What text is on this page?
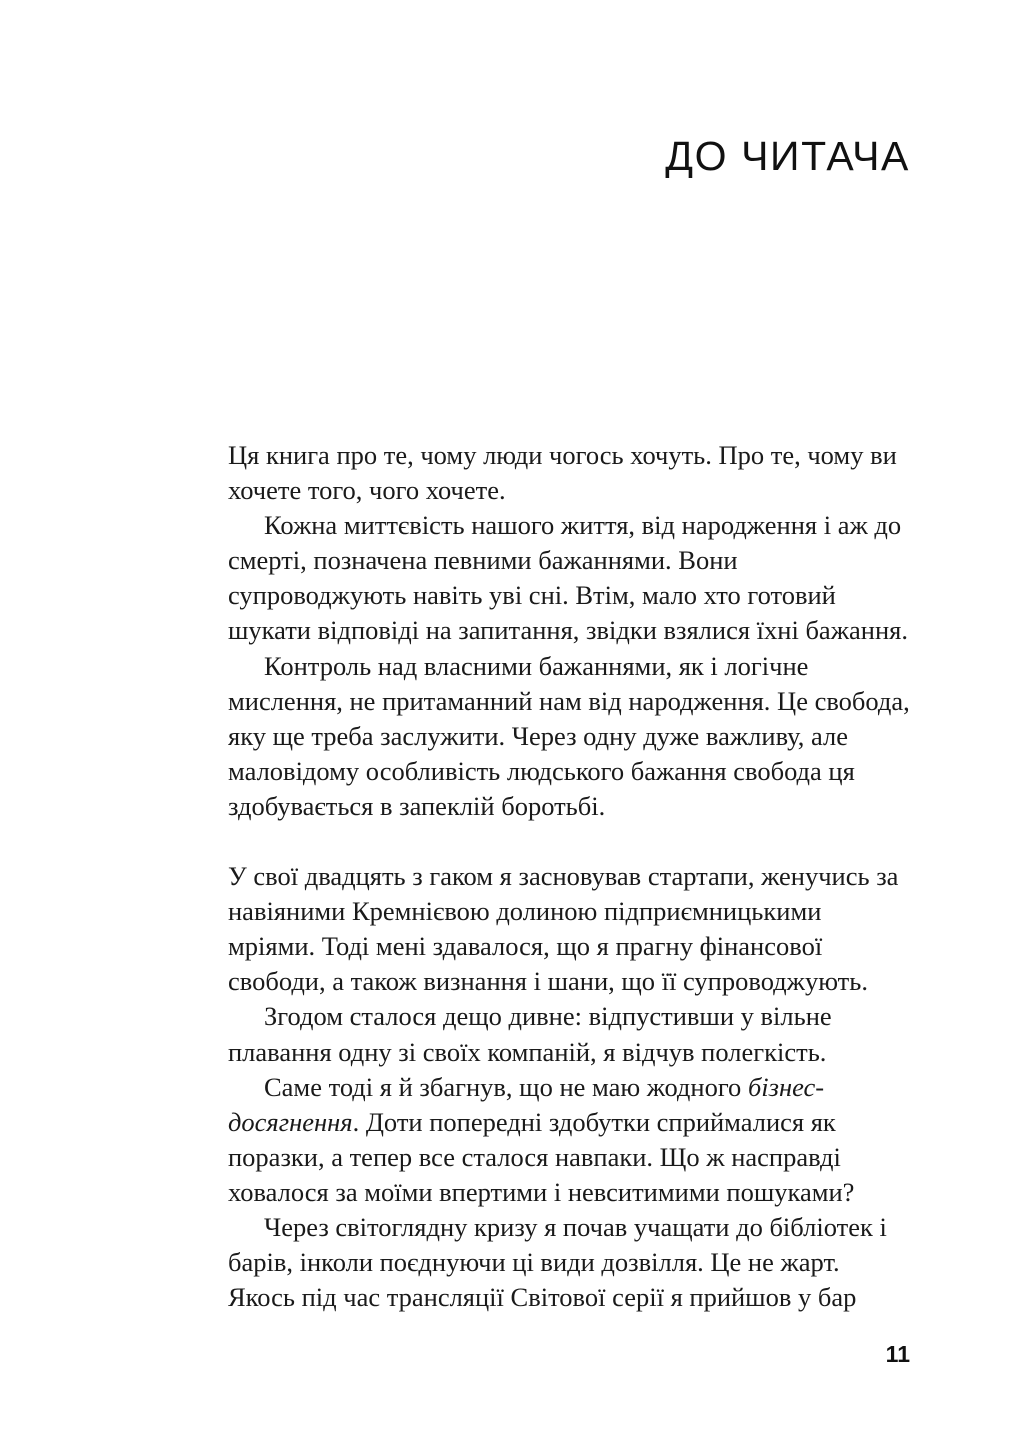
ДО ЧИТАЧА

Ця книга про те, чому люди чогось хочуть. Про те, чому ви хочете того, чого хочете.

Кожна миттєвість нашого життя, від народження і аж до смерті, позначена певними бажаннями. Вони супроводжують навіть уві сні. Втім, мало хто готовий шукати відповіді на запитання, звідки взялися їхні бажання.

Контроль над власними бажаннями, як і логічне мислення, не притаманний нам від народження. Це свобода, яку ще треба заслужити. Через одну дуже важливу, але маловідому особливість людського бажання свобода ця здобувається в запеклій боротьбі.

У свої двадцять з гаком я засновував стартапи, женучись за навіяними Кремнієвою долиною підприємницькими мріями. Тоді мені здавалося, що я прагну фінансової свободи, а також визнання і шани, що її супроводжують.

Згодом сталося дещо дивне: відпустивши у вільне плавання одну зі своїх компаній, я відчув полегкість.

Саме тоді я й збагнув, що не маю жодного бізнес-досягнення. Доти попередні здобутки сприймалися як поразки, а тепер все сталося навпаки. Що ж насправді ховалося за моїми впертими і невситимими пошуками?

Через світоглядну кризу я почав учащати до бібліотек і барів, інколи поєднуючи ці види дозвілля. Це не жарт. Якось під час трансляції Світової серії я прийшов у бар

11
